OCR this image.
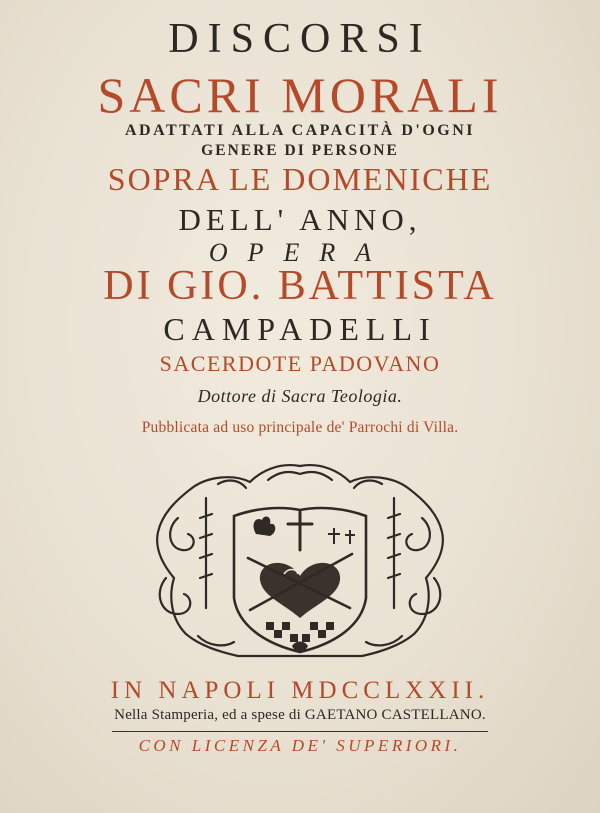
DISCORSI
SACRI MORALI
ADATTATI ALLA CAPACITÀ D'OGNI
GENERE DI PERSONE
SOPRA LE DOMENICHE
DELL' ANNO,
OPERA
DI GIO. BATTISTA
CAMPADELLI
SACERDOTE PADOVANO
Dottore di Sacra Teologia.
Pubblicata ad uso principale de' Parrochi di Villa.
IN NAPOLI MDCCLXXII.
Nella Stamperia, ed a spese di GAETANO CASTELLANO.
CON LICENZA DE' SUPERIORI.
